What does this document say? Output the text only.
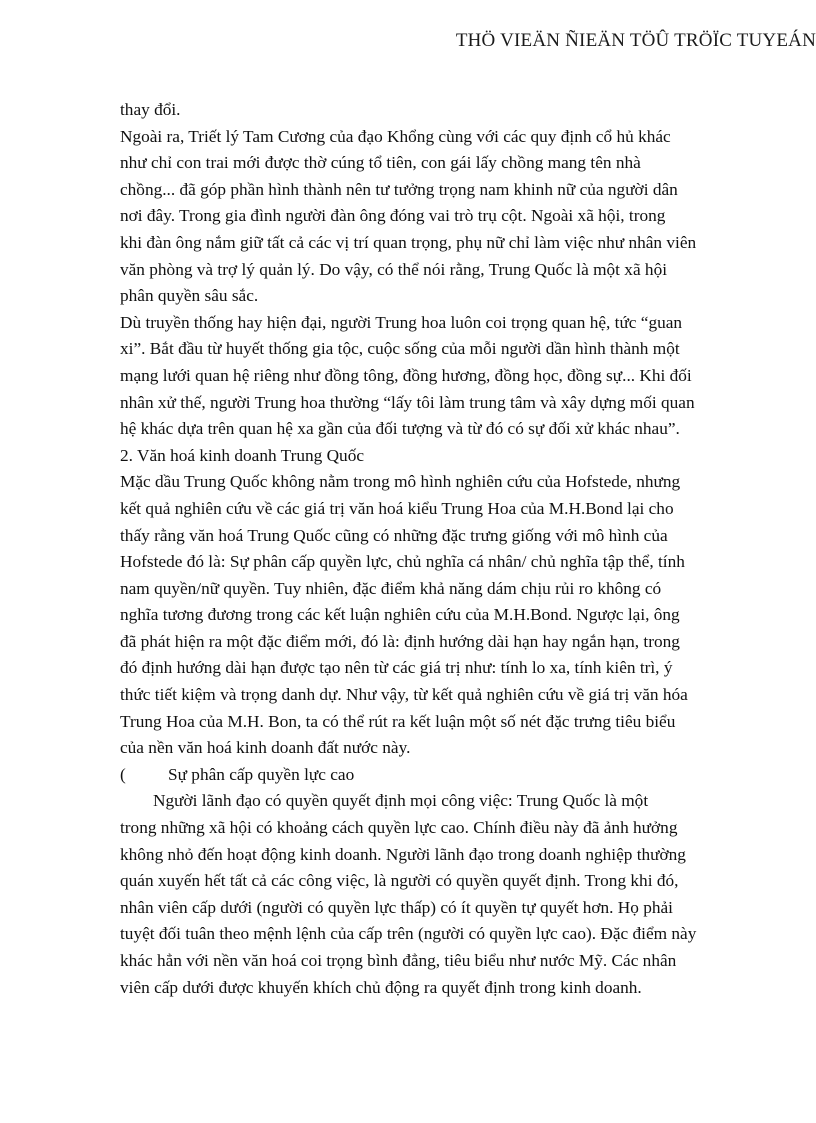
THÖ VIEÄN ÑIEÄN TÖÛ TRÖÏC TUYEÁN
thay đổi.
Ngoài ra, Triết lý Tam Cương của đạo Khổng cùng với các quy định cổ hủ khác
như chỉ con trai mới được thờ cúng tổ tiên, con gái lấy chồng mang tên nhà
chồng... đã góp phần hình thành nên tư tưởng trọng nam khinh nữ của người dân
nơi đây. Trong gia đình người đàn ông đóng vai trò trụ cột. Ngoài xã hội, trong
khi đàn ông nắm giữ tất cả các vị trí quan trọng, phụ nữ chỉ làm việc như nhân viên
văn phòng và trợ lý quản lý. Do vậy, có thể nói rằng, Trung Quốc là một xã hội
phân quyền sâu sắc.
Dù truyền thống hay hiện đại, người Trung hoa luôn coi trọng quan hệ, tức “guan
xi”. Bắt đầu từ huyết thống gia tộc, cuộc sống của mỗi người dần hình thành một
mạng lưới quan hệ riêng như đồng tông, đồng hương, đồng học, đồng sự... Khi đối
nhân xử thế, người Trung hoa thường “lấy tôi làm trung tâm và xây dựng mối quan
hệ khác dựa trên quan hệ xa gần của đối tượng và từ đó có sự đối xử khác nhau”.
2. Văn hoá kinh doanh Trung Quốc
Mặc dầu Trung Quốc không nằm trong mô hình nghiên cứu của Hofstede, nhưng
kết quả nghiên cứu về các giá trị văn hoá kiểu Trung Hoa của M.H.Bond lại cho
thấy rằng văn hoá Trung Quốc cũng có những đặc trưng giống với mô hình của
Hofstede đó là: Sự phân cấp quyền lực, chủ nghĩa cá nhân/ chủ nghĩa tập thể, tính
nam quyền/nữ quyền. Tuy nhiên, đặc điểm khả năng dám chịu rủi ro không có
nghĩa tương đương trong các kết luận nghiên cứu của M.H.Bond. Ngược lại, ông
đã phát hiện ra một đặc điểm mới, đó là: định hướng dài hạn hay ngắn hạn, trong
đó định hướng dài hạn được tạo nên từ các giá trị như: tính lo xa, tính kiên trì, ý
thức tiết kiệm và trọng danh dự. Như vậy, từ kết quả nghiên cứu về giá trị văn hóa
Trung Hoa của M.H. Bon, ta có thể rút ra kết luận một số nét đặc trưng tiêu biểu
của nền văn hoá kinh doanh đất nước này.
(	Sự phân cấp quyền lực cao
Người lãnh đạo có quyền quyết định mọi công việc: Trung Quốc là một
trong những xã hội có khoảng cách quyền lực cao. Chính điều này đã ảnh hưởng
không nhỏ đến hoạt động kinh doanh. Người lãnh đạo trong doanh nghiệp thường
quán xuyến hết tất cả các công việc, là người có quyền quyết định. Trong khi đó,
nhân viên cấp dưới (người có quyền lực thấp) có ít quyền tự quyết hơn. Họ phải
tuyệt đối tuân theo mệnh lệnh của cấp trên (người có quyền lực cao). Đặc điểm này
khác hẳn với nền văn hoá coi trọng bình đẳng, tiêu biểu như nước Mỹ. Các nhân
viên cấp dưới được khuyến khích chủ động ra quyết định trong kinh doanh.
